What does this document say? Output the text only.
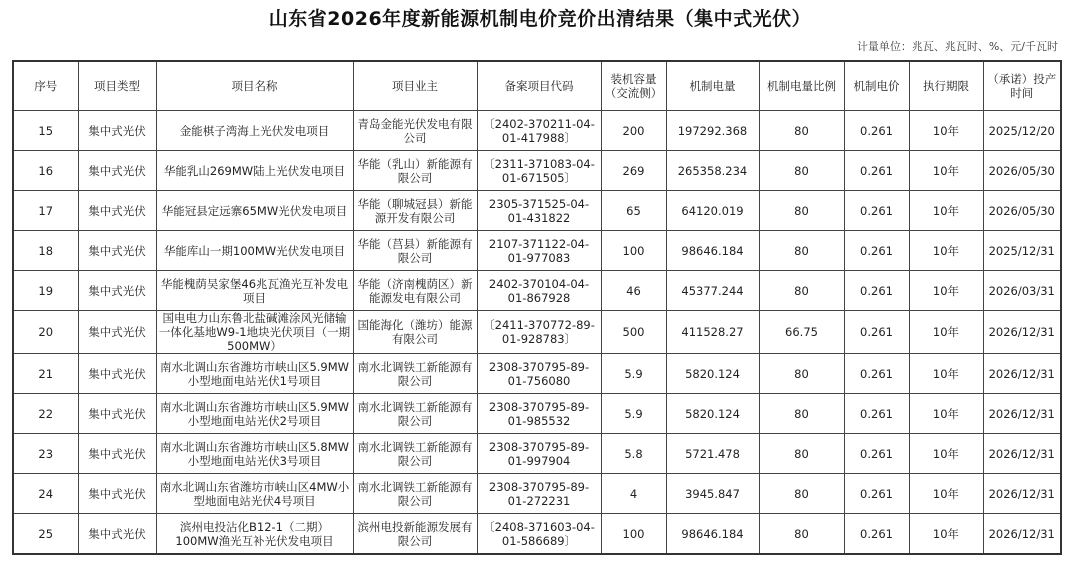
山东省2026年度新能源机制电价竞价出清结果（集中式光伏）
计量单位：兆瓦、兆瓦时、%、元/千瓦时
序号	项目类型	项目名称	项目业主	备案项目代码	装机容量（交流侧）	机制电量	机制电量比例	机制电价	执行期限	（承诺）投产时间
15	集中式光伏	金能棋子湾海上光伏发电项目	青岛金能光伏发电有限公司	〔2402-370211-04-01-417988〕	200	197292.368	80	0.261	10年	2025/12/20
16	集中式光伏	华能乳山269MW陆上光伏发电项目	华能（乳山）新能源有限公司	〔2311-371083-04-01-671505〕	269	265358.234	80	0.261	10年	2026/05/30
17	集中式光伏	华能冠县定远寨65MW光伏发电项目	华能（聊城冠县）新能源开发有限公司	2305-371525-04-01-431822	65	64120.019	80	0.261	10年	2026/05/30
18	集中式光伏	华能库山一期100MW光伏发电项目	华能（莒县）新能源有限公司	2107-371122-04-01-977083	100	98646.184	80	0.261	10年	2025/12/31
19	集中式光伏	华能槐荫吴家堡46兆瓦渔光互补发电项目	华能（济南槐荫区）新能源发电有限公司	2402-370104-04-01-867928	46	45377.244	80	0.261	10年	2026/03/31
20	集中式光伏	国电电力山东鲁北盐碱滩涂风光储输一体化基地W9-1地块光伏项目（一期500MW）	国能海化（潍坊）能源有限公司	〔2411-370772-89-01-928783〕	500	411528.27	66.75	0.261	10年	2026/12/31
21	集中式光伏	南水北调山东省潍坊市峡山区5.9MW小型地面电站光伏1号项目	南水北调铁工新能源有限公司	2308-370795-89-01-756080	5.9	5820.124	80	0.261	10年	2026/12/31
22	集中式光伏	南水北调山东省潍坊市峡山区5.9MW小型地面电站光伏2号项目	南水北调铁工新能源有限公司	2308-370795-89-01-985532	5.9	5820.124	80	0.261	10年	2026/12/31
23	集中式光伏	南水北调山东省潍坊市峡山区5.8MW小型地面电站光伏3号项目	南水北调铁工新能源有限公司	2308-370795-89-01-997904	5.8	5721.478	80	0.261	10年	2026/12/31
24	集中式光伏	南水北调山东省潍坊市峡山区4MW小型地面电站光伏4号项目	南水北调铁工新能源有限公司	2308-370795-89-01-272231	4	3945.847	80	0.261	10年	2026/12/31
25	集中式光伏	滨州电投沾化B12-1（二期）100MW渔光互补光伏发电项目	滨州电投新能源发展有限公司	〔2408-371603-04-01-586689〕	100	98646.184	80	0.261	10年	2026/12/31
